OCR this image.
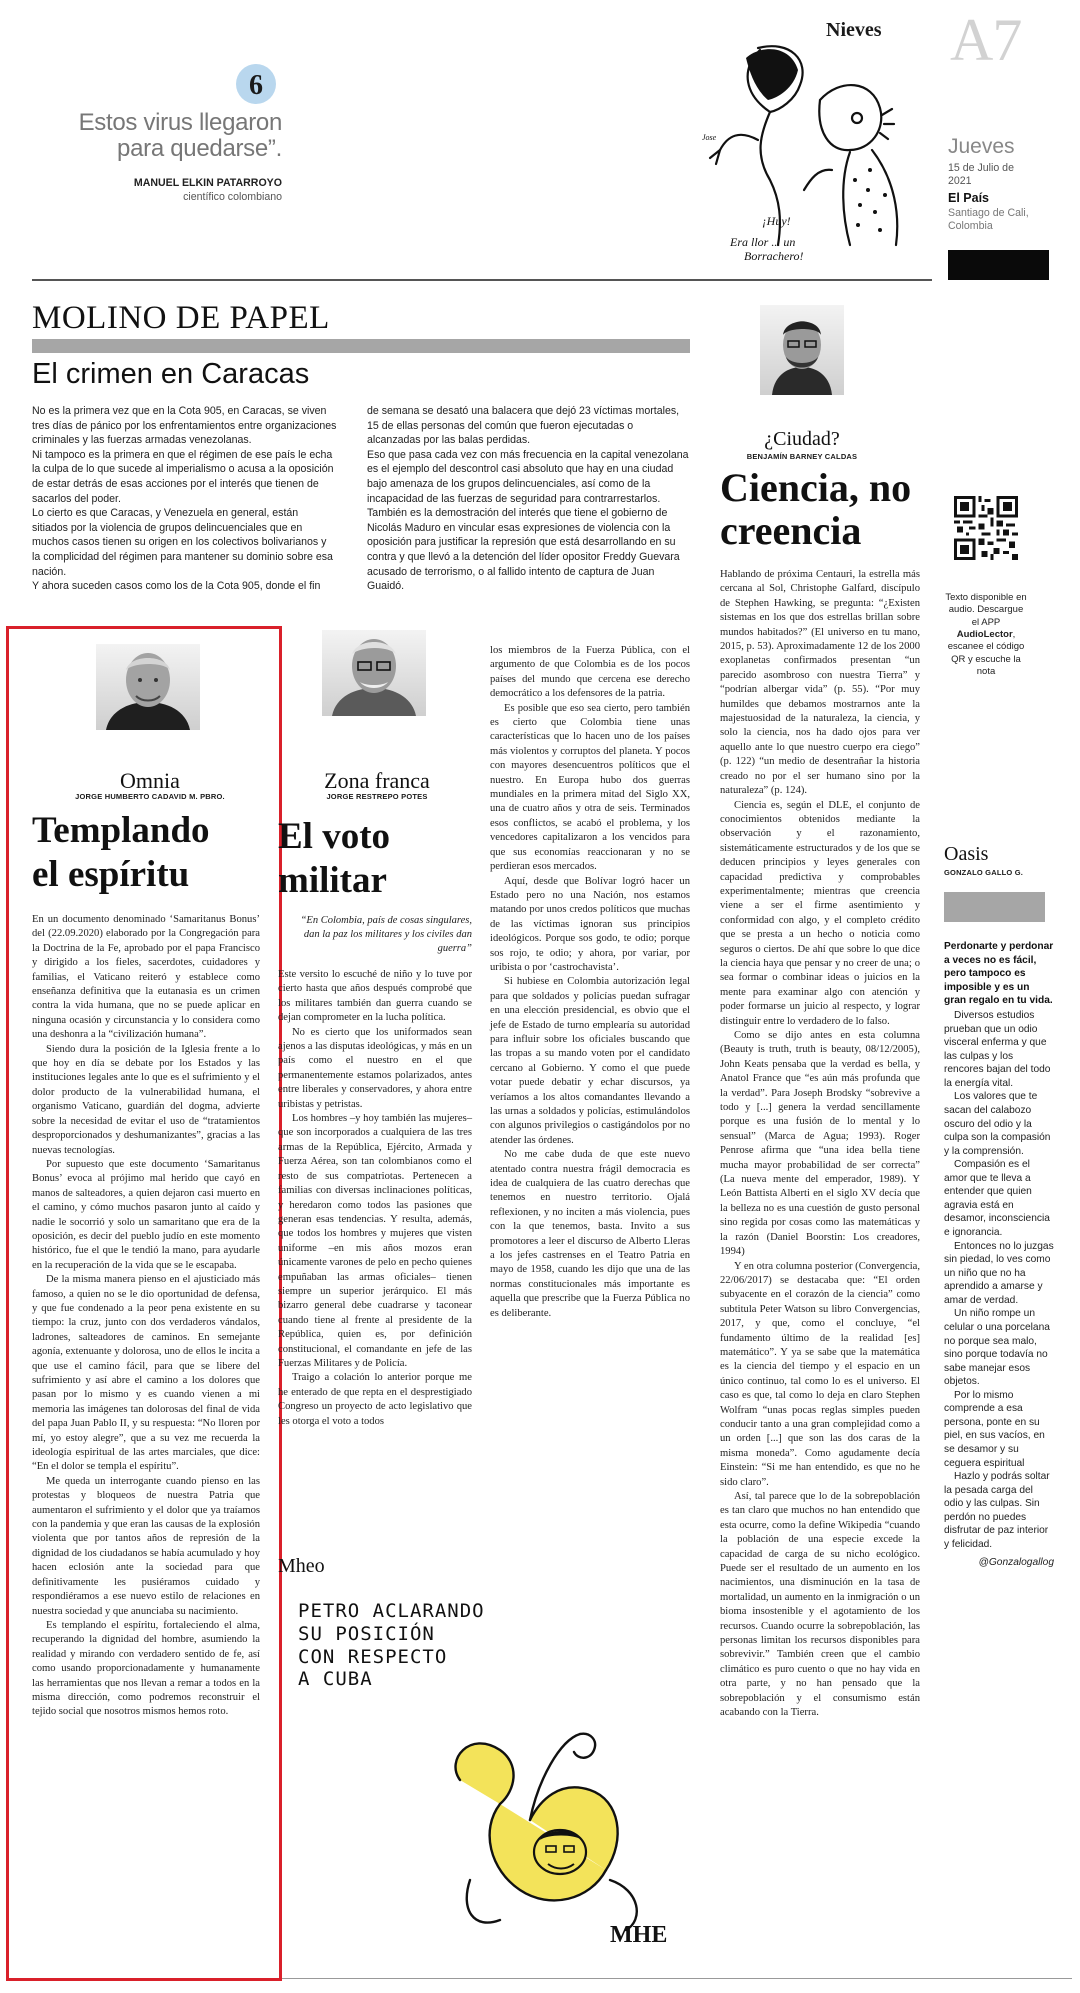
6
Estos virus llegaron para quedarse”.
MANUEL ELKIN PATARROYO
científico colombiano
Nieves
¡Huy!
Era llor ... un
Borrachero!
Jose
A7
Jueves
15 de Julio de 2021
El País
Santiago de Cali, Colombia
MOLINO DE PAPEL
El crimen en Caracas
No es la primera vez que en la Cota 905, en Caracas, se viven tres días de pánico por los enfrentamientos entre organizaciones criminales y las fuerzas armadas venezolanas.
Ni tampoco es la primera en que el régimen de ese país le echa la culpa de lo que sucede al imperialismo o acusa a la oposición de estar detrás de esas acciones por el interés que tienen de sacarlos del poder.
Lo cierto es que Caracas, y Venezuela en general, están sitiados por la violencia de grupos delincuenciales que en muchos casos tienen su origen en los colectivos bolivarianos y la complicidad del régimen para mantener su dominio sobre esa nación.
Y ahora suceden casos como los de la Cota 905, donde el fin
de semana se desató una balacera que dejó 23 víctimas mortales, 15 de ellas personas del común que fueron ejecutadas o alcanzadas por las balas perdidas.
Eso que pasa cada vez con más frecuencia en la capital venezolana es el ejemplo del descontrol casi absoluto que hay en una ciudad bajo amenaza de los grupos delincuenciales, así como de la incapacidad de las fuerzas de seguridad para contrarrestarlos.
También es la demostración del interés que tiene el gobierno de Nicolás Maduro en vincular esas expresiones de violencia con la oposición para justificar la represión que está desarrollando en su contra y que llevó a la detención del líder opositor Freddy Guevara acusado de terrorismo, o al fallido intento de captura de Juan Guaidó.
¿Ciudad?
BENJAMÍN BARNEY CALDAS
Ciencia, no creencia

Hablando de próxima Centauri, la estrella más cercana al Sol, Christophe Galfard, discípulo de Stephen Hawking, se pregunta: “¿Existen sistemas en los que dos estrellas brillan sobre mundos habitados?” (El universo en tu mano, 2015, p. 53). Aproximadamente 12 de los 2000 exoplanetas confirmados presentan “un parecido asombroso con nuestra Tierra” y “podrían albergar vida” (p. 55). “Por muy humildes que debamos mostrarnos ante la majestuosidad de la naturaleza, la ciencia, y solo la ciencia, nos ha dado ojos para ver aquello ante lo que nuestro cuerpo era ciego” (p. 122) “un medio de desentrañar la historia creado no por el ser humano sino por la naturaleza” (p. 124).

Ciencia es, según el DLE, el conjunto de conocimientos obtenidos mediante la observación y el razonamiento, sistemáticamente estructurados y de los que se deducen principios y leyes generales con capacidad predictiva y comprobables experimentalmente; mientras que creencia viene a ser el firme asentimiento y conformidad con algo, y el completo crédito que se presta a un hecho o noticia como seguros o ciertos. De ahí que sobre lo que dice la ciencia haya que pensar y no creer de una; o sea formar o combinar ideas o juicios en la mente para examinar algo con atención y poder formarse un juicio al respecto, y lograr distinguir entre lo verdadero de lo falso.

Como se dijo antes en esta columna (Beauty is truth, truth is beauty, 08/12/2005), John Keats pensaba que la verdad es bella, y Anatol France que “es aún más profunda que la verdad”. Para Joseph Brodsky “sobrevive a todo y [...] genera la verdad sencillamente porque es una fusión de lo mental y lo sensual” (Marca de Agua; 1993). Roger Penrose afirma que “una idea bella tiene mucha mayor probabilidad de ser correcta” (La nueva mente del emperador, 1989). Y León Battista Alberti en el siglo XV decía que la belleza no es una cuestión de gusto personal sino regida por cosas como las matemáticas y la razón (Daniel Boorstin: Los creadores, 1994)

Y en otra columna posterior (Convergencia, 22/06/2017) se destacaba que: “El orden subyacente en el corazón de la ciencia” como subtitula Peter Watson su libro Convergencias, 2017, y que, como el concluye, “el fundamento último de la realidad [es] matemático”. Y ya se sabe que la matemática es la ciencia del tiempo y el espacio en un único continuo, tal como lo es el universo. El caso es que, tal como lo deja en claro Stephen Wolfram “unas pocas reglas simples pueden conducir tanto a una gran complejidad como a un orden [...] que son las dos caras de la misma moneda”. Como agudamente decía Einstein: “Si me han entendido, es que no he sido claro”.

Así, tal parece que lo de la sobrepoblación es tan claro que muchos no han entendido que esta ocurre, como la define Wikipedia “cuando la población de una especie excede la capacidad de carga de su nicho ecológico. Puede ser el resultado de un aumento en los nacimientos, una disminución en la tasa de mortalidad, un aumento en la inmigración o un bioma insostenible y el agotamiento de los recursos. Cuando ocurre la sobrepoblación, las personas limitan los recursos disponibles para sobrevivir.” También creen que el cambio climático es puro cuento o que no hay vida en otra parte, y no han pensado que la sobrepoblación y el consumismo están acabando con la Tierra.

Texto disponible en audio. Descargue el APP AudioLector, escanee el código QR y escuche la nota
Oasis
GONZALO GALLO G.
Perdonarte y perdonar a veces no es fácil, pero tampoco es imposible y es un gran regalo en tu vida.

Diversos estudios prueban que un odio visceral enferma y que las culpas y los rencores bajan del todo la energía vital.

Los valores que te sacan del calabozo oscuro del odio y la culpa son la compasión y la comprensión.

Compasión es el amor que te lleva a entender que quien agravia está en desamor, inconsciencia e ignorancia.

Entonces no lo juzgas sin piedad, lo ves como un niño que no ha aprendido a amarse y amar de verdad.

Un niño rompe un celular o una porcelana no porque sea malo, sino porque todavía no sabe manejar esos objetos.

Por lo mismo comprende a esa persona, ponte en su piel, en sus vacíos, en se desamor y su ceguera espiritual

Hazlo y podrás soltar la pesada carga del odio y las culpas. Sin perdón no puedes disfrutar de paz interior y felicidad.

@Gonzalogallog

Omnia
JORGE HUMBERTO CADAVID M. PBRO.
Templando
el espíritu

En un documento denominado ‘Samaritanus Bonus’ del (22.09.2020) elaborado por la Congregación para la Doctrina de la Fe, aprobado por el papa Francisco y dirigido a los fieles, sacerdotes, cuidadores y familias, el Vaticano reiteró y establece como enseñanza definitiva que la eutanasia es un crimen contra la vida humana, que no se puede aplicar en ninguna ocasión y circunstancia y lo considera como una deshonra a la “civilización humana”.

Siendo dura la posición de la Iglesia frente a lo que hoy en día se debate por los Estados y las instituciones legales ante lo que es el sufrimiento y el dolor producto de la vulnerabilidad humana, el organismo Vaticano, guardián del dogma, advierte sobre la necesidad de evitar el uso de “tratamientos desproporcionados y deshumanizantes”, gracias a las nuevas tecnologías.

Por supuesto que este documento ‘Samaritanus Bonus’ evoca al prójimo mal herido que cayó en manos de salteadores, a quien dejaron casi muerto en el camino, y cómo muchos pasaron junto al caído y nadie le socorrió y solo un samaritano que era de la oposición, es decir del pueblo judío en este momento histórico, fue el que le tendió la mano, para ayudarle en la recuperación de la vida que se le escapaba.

De la misma manera pienso en el ajusticiado más famoso, a quien no se le dio oportunidad de defensa, y que fue condenado a la peor pena existente en su tiempo: la cruz, junto con dos verdaderos vándalos, ladrones, salteadores de caminos. En semejante agonía, extenuante y dolorosa, uno de ellos le incita a que use el camino fácil, para que se libere del sufrimiento y así abre el camino a los dolores que pasan por lo mismo y es cuando vienen a mi memoria las imágenes tan dolorosas del final de vida del papa Juan Pablo II, y su respuesta: “No lloren por mí, yo estoy alegre”, que a su vez me recuerda la ideología espiritual de las artes marciales, que dice: “En el dolor se templa el espíritu”.

Me queda un interrogante cuando pienso en las protestas y bloqueos de nuestra Patria que aumentaron el sufrimiento y el dolor que ya traíamos con la pandemia y que eran las causas de la explosión violenta que por tantos años de represión de la dignidad de los ciudadanos se había acumulado y hoy hacen eclosión ante la sociedad para que definitivamente les pusiéramos cuidado y respondiéramos a ese nuevo estilo de relaciones en nuestra sociedad y que anunciaba su nacimiento.

Es templando el espíritu, fortaleciendo el alma, recuperando la dignidad del hombre, asumiendo la realidad y mirando con verdadero sentido de fe, así como usando proporcionadamente y humanamente las herramientas que nos llevan a remar a todos en la misma dirección, como podremos reconstruir el tejido social que nosotros mismos hemos roto.

Zona franca
JORGE RESTREPO POTES
El voto
militar
“En Colombia, país de cosas singulares, dan la paz los militares y los civiles dan guerra”

Este versito lo escuché de niño y lo tuve por cierto hasta que años después comprobé que los militares también dan guerra cuando se dejan comprometer en la lucha política.

No es cierto que los uniformados sean ajenos a las disputas ideológicas, y más en un país como el nuestro en el que permanentemente estamos polarizados, antes entre liberales y conservadores, y ahora entre uribistas y petristas.

Los hombres –y hoy también las mujeres– que son incorporados a cualquiera de las tres armas de la República, Ejército, Armada y Fuerza Aérea, son tan colombianos como el resto de sus compatriotas. Pertenecen a familias con diversas inclinaciones políticas, y heredaron como todos las pasiones que generan esas tendencias. Y resulta, además, que todos los hombres y mujeres que visten uniforme –en mis años mozos eran únicamente varones de pelo en pecho quienes empuñaban las armas oficiales– tienen siempre un superior jerárquico. El más bizarro general debe cuadrarse y taconear cuando tiene al frente al presidente de la República, quien es, por definición constitucional, el comandante en jefe de las Fuerzas Militares y de Policía.

Traigo a colación lo anterior porque me he enterado de que repta en el desprestigiado Congreso un proyecto de acto legislativo que les otorga el voto a todos

los miembros de la Fuerza Pública, con el argumento de que Colombia es de los pocos países del mundo que cercena ese derecho democrático a los defensores de la patria.

Es posible que eso sea cierto, pero también es cierto que Colombia tiene unas características que lo hacen uno de los países más violentos y corruptos del planeta. Y pocos con mayores desencuentros políticos que el nuestro. En Europa hubo dos guerras mundiales en la primera mitad del Siglo XX, una de cuatro años y otra de seis. Terminados esos conflictos, se acabó el problema, y los vencedores capitalizaron a los vencidos para que sus economías reaccionaran y no se perdieran esos mercados.

Aquí, desde que Bolívar logró hacer un Estado pero no una Nación, nos estamos matando por unos credos políticos que muchas de las víctimas ignoran sus principios ideológicos. Porque sos godo, te odio; porque sos rojo, te odio; y ahora, por variar, por uribista o por ‘castrochavista’.

Si hubiese en Colombia autorización legal para que soldados y policías puedan sufragar en una elección presidencial, es obvio que el jefe de Estado de turno emplearía su autoridad para influir sobre los oficiales buscando que las tropas a su mando voten por el candidato cercano al Gobierno. Y como el que puede votar puede debatir y echar discursos, ya veríamos a los altos comandantes llevando a las urnas a soldados y policías, estimulándolos con algunos privilegios o castigándolos por no atender las órdenes.

No me cabe duda de que este nuevo atentado contra nuestra frágil democracia es idea de cualquiera de las cuatro derechas que tenemos en nuestro territorio. Ojalá reflexionen, y no inciten a más violencia, pues con la que tenemos, basta. Invito a sus promotores a leer el discurso de Alberto Lleras a los jefes castrenses en el Teatro Patria en mayo de 1958, cuando les dijo que una de las normas constitucionales más importante es aquella que prescribe que la Fuerza Pública no es deliberante.

Mheo
PETRO ACLARANDO
SU POSICIÓN
CON RESPECTO
A CUBA
MHE
